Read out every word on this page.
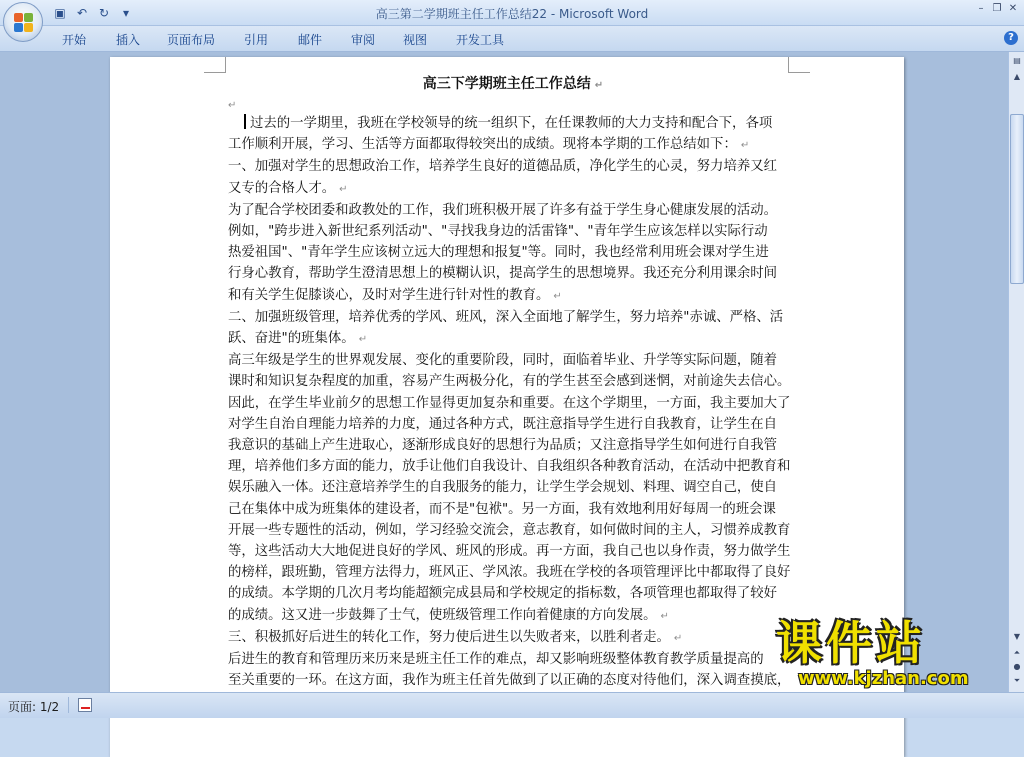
▣ ↶ ↻	▾	高三第二学期班主任工作总结22 - Microsoft Word	– ❐ ✕
开始 插入 页面布局 引用 邮件 审阅 视图 开发工具	?
高三下学期班主任工作总结 ↵
↵

过去的一学期里，我班在学校领导的统一组织下，在任课教师的大力支持和配合下，各项

工作顺利开展，学习、生活等方面都取得较突出的成绩。现将本学期的工作总结如下： ↵

一、加强对学生的思想政治工作，培养学生良好的道德品质，净化学生的心灵，努力培养又红

又专的合格人才。 ↵

为了配合学校团委和政教处的工作，我们班积极开展了许多有益于学生身心健康发展的活动。

例如，"跨步进入新世纪系列活动"、"寻找我身边的活雷锋"、"青年学生应该怎样以实际行动

热爱祖国"、"青年学生应该树立远大的理想和报复"等。同时，我也经常利用班会课对学生进

行身心教育，帮助学生澄清思想上的模糊认识，提高学生的思想境界。我还充分利用课余时间

和有关学生促膝谈心，及时对学生进行针对性的教育。 ↵

二、加强班级管理，培养优秀的学风、班风，深入全面地了解学生，努力培养"赤诚、严格、活

跃、奋进"的班集体。 ↵

高三年级是学生的世界观发展、变化的重要阶段，同时，面临着毕业、升学等实际问题，随着

课时和知识复杂程度的加重，容易产生两极分化，有的学生甚至会感到迷惘，对前途失去信心。

因此，在学生毕业前夕的思想工作显得更加复杂和重要。在这个学期里，一方面，我主要加大了

对学生自治自理能力培养的力度，通过各种方式，既注意指导学生进行自我教育，让学生在自

我意识的基础上产生进取心，逐渐形成良好的思想行为品质；又注意指导学生如何进行自我管

理，培养他们多方面的能力，放手让他们自我设计、自我组织各种教育活动，在活动中把教育和

娱乐融入一体。还注意培养学生的自我服务的能力，让学生学会规划、料理、调空自己，使自

己在集体中成为班集体的建设者，而不是"包袱"。另一方面，我有效地利用好每周一的班会课

开展一些专题性的活动，例如，学习经验交流会，意志教育，如何做时间的主人，习惯养成教育

等，这些活动大大地促进良好的学风、班风的形成。再一方面，我自己也以身作责，努力做学生

的榜样，跟班勤，管理方法得力，班风正、学风浓。我班在学校的各项管理评比中都取得了良好

的成绩。本学期的几次月考均能超额完成县局和学校规定的指标数，各项管理也都取得了较好

的成绩。这又进一步鼓舞了士气，使班级管理工作向着健康的方向发展。 ↵

三、积极抓好后进生的转化工作，努力使后进生以失败者来，以胜利者走。 ↵

后进生的教育和管理历来历来是班主任工作的难点，却又影响班级整体教育教学质量提高的

至关重要的一环。在这方面，我作为班主任首先做到了以正确的态度对待他们，深入调查摸底，

课件站
www.kjzhan.com
▤
▲
▼
⏶
●
⏷
页面: 1/2
